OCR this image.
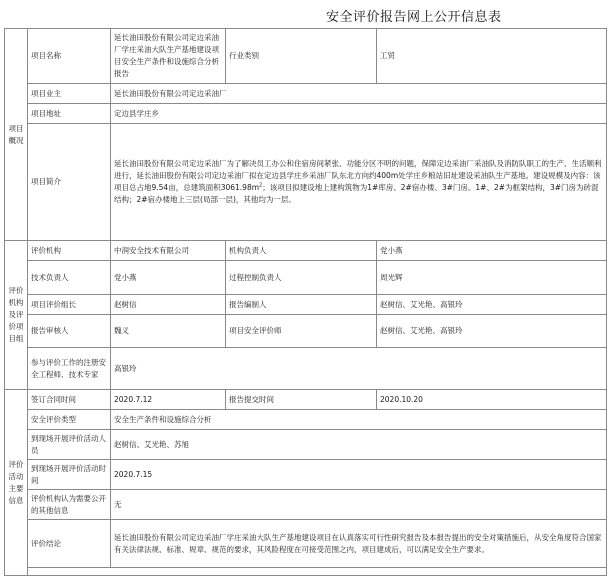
安全评价报告网上公开信息表
项目概况	项目名称	延长油田股份有限公司定边采油厂学庄采油大队生产基地建设项目安全生产条件和设施综合分析报告	行业类别	工贸
	项目业主	延长油田股份有限公司定边采油厂		
	项目地址	定边县学庄乡		
	项目简介	延长油田股份有限公司定边采油厂为了解决员工办公和住宿房间紧张、功能分区不明的问题，保障定边采油厂采油队及消防队职工的生产、生活顺利进行，延长油田股份有限公司定边采油厂拟在定边县学庄乡采油厂队东北方向约400m处学庄乡粮站旧址建设采油队生产基地。建设规模及内容：该项目总占地9.54亩，总建筑面积$3061.98m^2$；该项目拟建设地上建构筑物为1#库房、2#宿办楼、3#门房。1#、2#为框架结构，3#门房为砖混结构；2#宿办楼地上三层(局部一层)，其他均为一层。		
评价机构及评价项目组	评价机构	中润安全技术有限公司	机构负责人	党小燕
	技术负责人	党小燕	过程控制负责人	周光辉
	项目评价组长	赵树信	报告编制人	赵树信、艾光艳、高银玲
	报告审核人	魏义	项目安全评价师	赵树信、艾光艳、高银玲
	参与评价工作的注册安全工程师、技术专家	高银玲		
评价活动主要信息	签订合同时间	2020.7.12	报告提交时间	2020.10.20
	安全评价类型	安全生产条件和设施综合分析		
	到现场开展评价活动人员	赵树信、艾光艳、苏旭		
	到现场开展评价活动时间	2020.7.15		
	评价机构认为需要公开的其他信息	无		
	评价结论	延长油田股份有限公司定边采油厂学庄采油大队生产基地建设项目在认真落实可行性研究报告及本报告提出的安全对策措施后，从安全角度符合国家有关法律法规、标准、规章、规范的要求，其风险程度在可接受范围之内，项目建成后，可以满足安全生产要求。		
